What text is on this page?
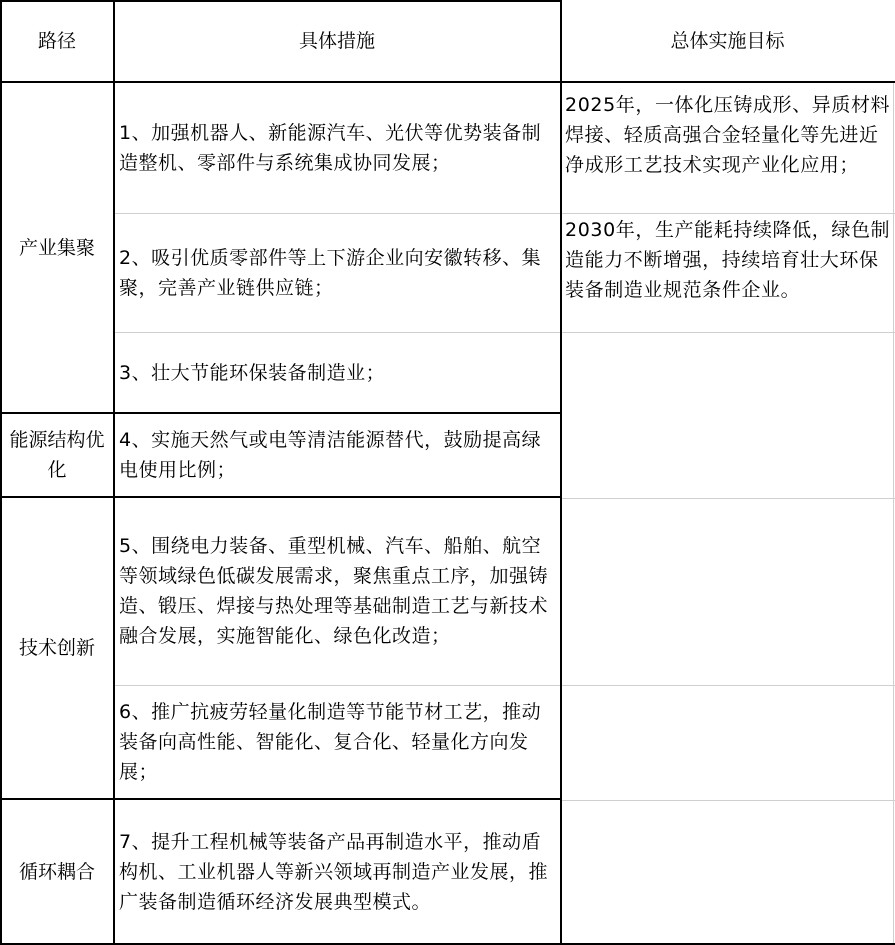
路径	具体措施	总体实施目标
产业集聚
能源结构优化
技术创新
循环耦合
1、加强机器人、新能源汽车、光伏等优势装备制造整机、零部件与系统集成协同发展；
2、吸引优质零部件等上下游企业向安徽转移、集聚，完善产业链供应链；
3、壮大节能环保装备制造业；
4、实施天然气或电等清洁能源替代，鼓励提高绿电使用比例；
5、围绕电力装备、重型机械、汽车、船舶、航空等领域绿色低碳发展需求，聚焦重点工序，加强铸造、锻压、焊接与热处理等基础制造工艺与新技术融合发展，实施智能化、绿色化改造；
6、推广抗疲劳轻量化制造等节能节材工艺，推动装备向高性能、智能化、复合化、轻量化方向发展；
7、提升工程机械等装备产品再制造水平，推动盾构机、工业机器人等新兴领域再制造产业发展，推广装备制造循环经济发展典型模式。
2025年，一体化压铸成形、异质材料焊接、轻质高强合金轻量化等先进近净成形工艺技术实现产业化应用；
2030年，生产能耗持续降低，绿色制造能力不断增强，持续培育壮大环保装备制造业规范条件企业。
